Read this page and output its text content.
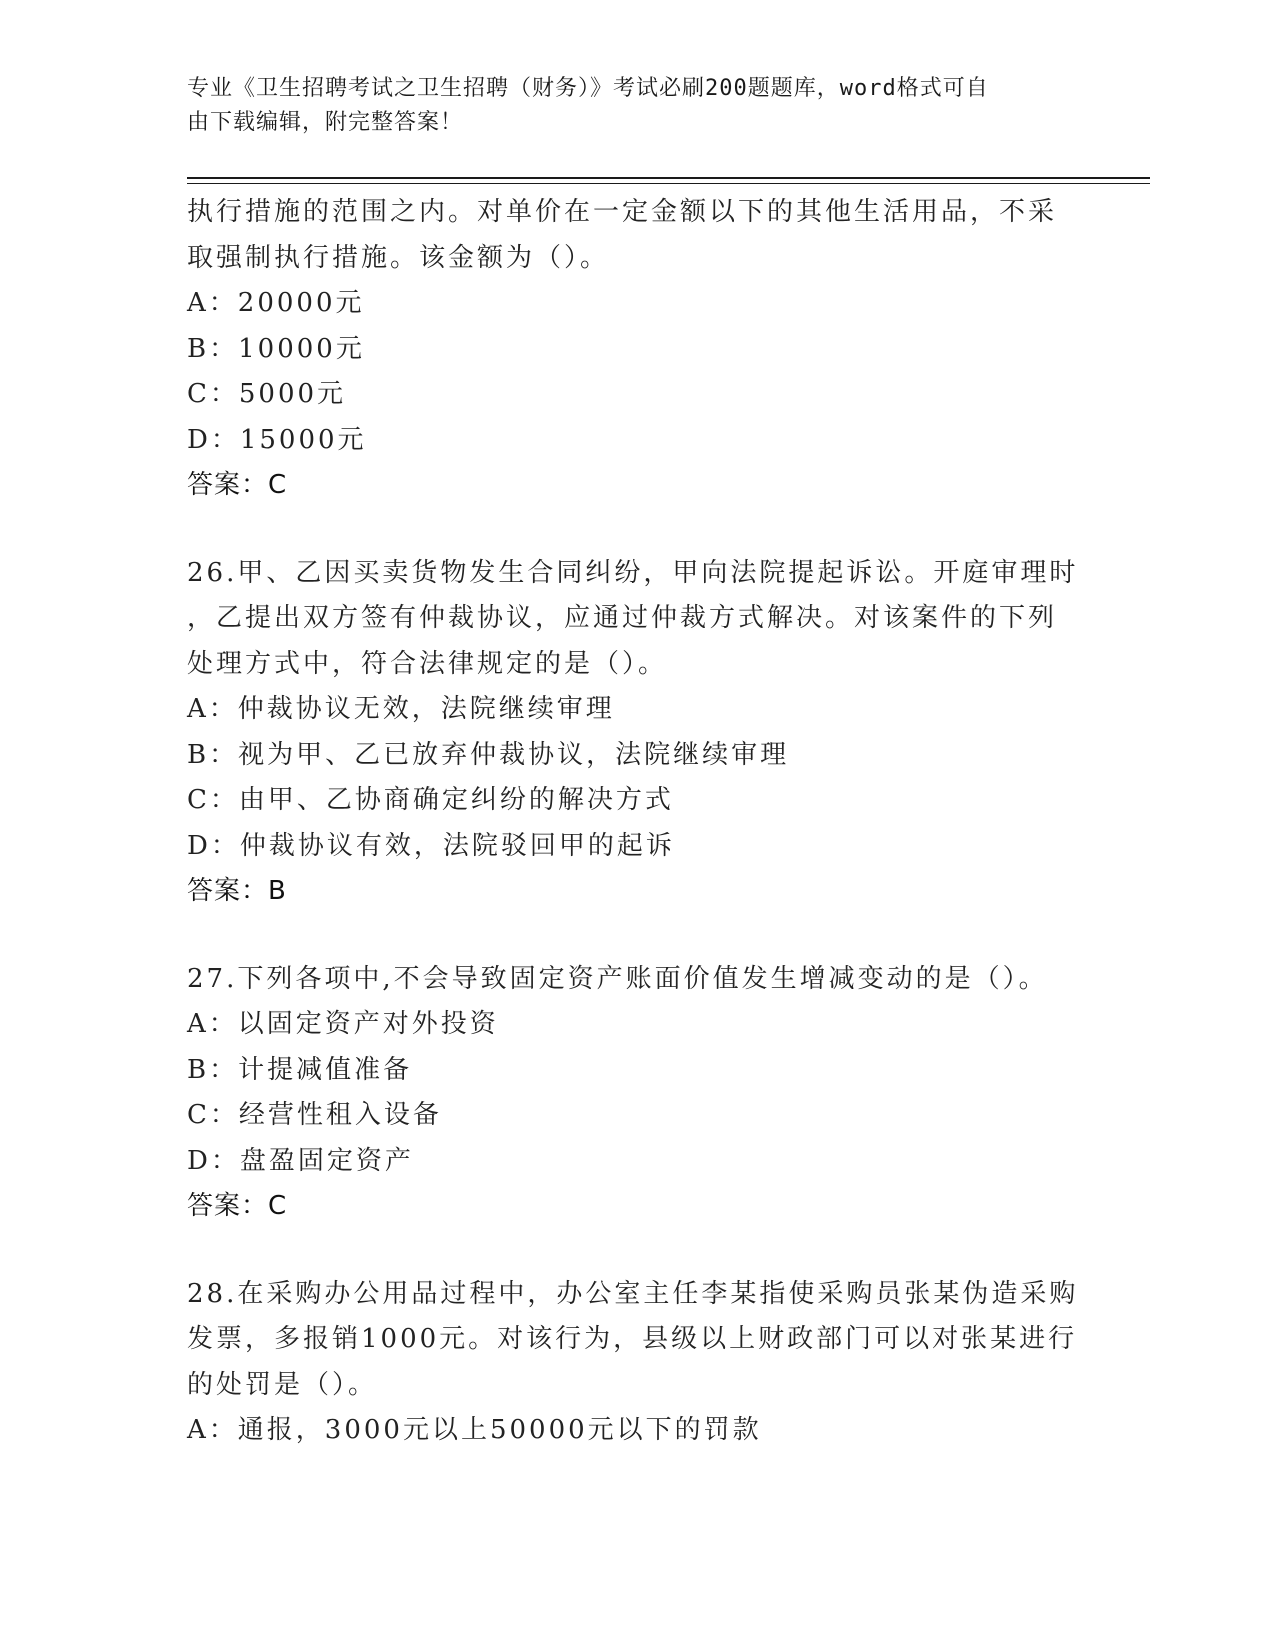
专业《卫生招聘考试之卫生招聘（财务）》考试必刷200题题库，word格式可自
由下载编辑，附完整答案！
执行措施的范围之内。对单价在一定金额以下的其他生活用品，不采
取强制执行措施。该金额为（）。
A：20000元
B：10000元
C：5000元
D：15000元
答案：C
26.甲、乙因买卖货物发生合同纠纷，甲向法院提起诉讼。开庭审理时
，乙提出双方签有仲裁协议，应通过仲裁方式解决。对该案件的下列
处理方式中，符合法律规定的是（）。
A：仲裁协议无效，法院继续审理
B：视为甲、乙已放弃仲裁协议，法院继续审理
C：由甲、乙协商确定纠纷的解决方式
D：仲裁协议有效，法院驳回甲的起诉
答案：B
27.下列各项中,不会导致固定资产账面价值发生增减变动的是（）。
A：以固定资产对外投资
B：计提减值准备
C：经营性租入设备
D：盘盈固定资产
答案：C
28.在采购办公用品过程中，办公室主任李某指使采购员张某伪造采购
发票，多报销1000元。对该行为，县级以上财政部门可以对张某进行
的处罚是（）。
A：通报，3000元以上50000元以下的罚款
